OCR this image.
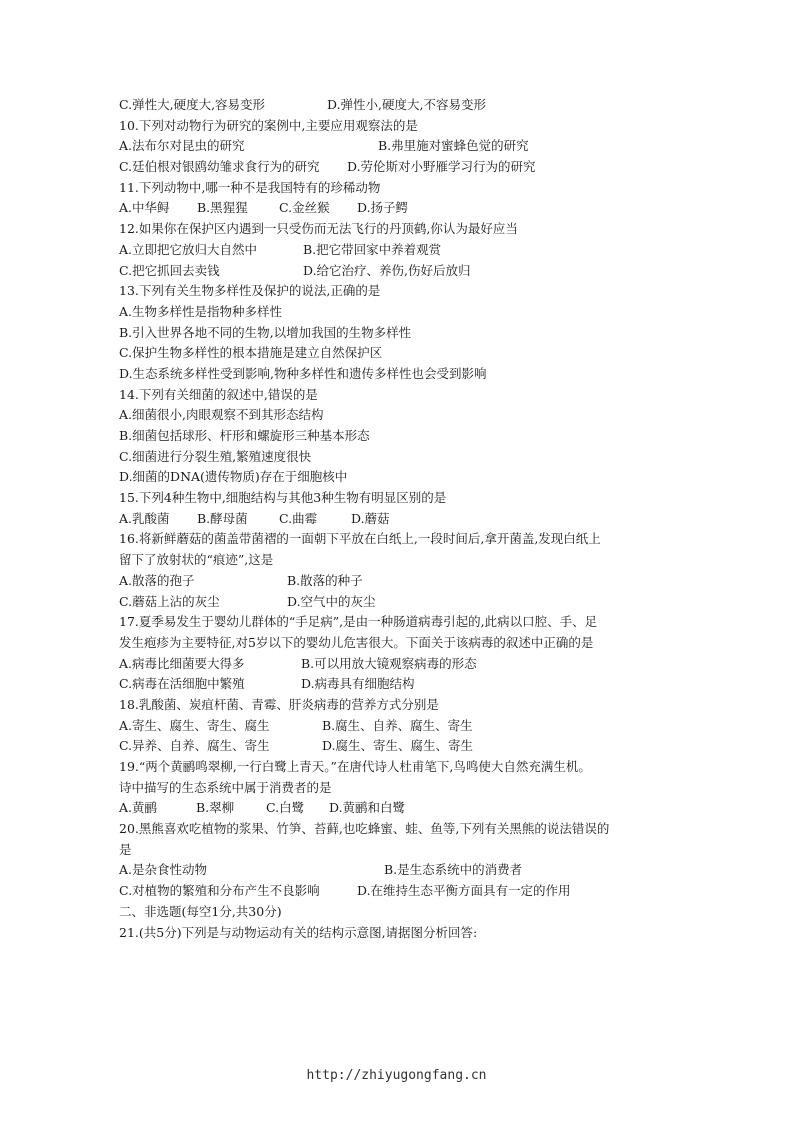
C.弹性大,硬度大,容易变形	D.弹性小,硬度大,不容易变形
10.下列对动物行为研究的案例中,主要应用观察法的是
A.法布尔对昆虫的研究	B.弗里施对蜜蜂色觉的研究
C.廷伯根对银鸥幼雏求食行为的研究	D.劳伦斯对小野雁学习行为的研究
11.下列动物中,哪一种不是我国特有的珍稀动物
A.中华鲟	B.黑猩猩	C.金丝猴	D.扬子鳄
12.如果你在保护区内遇到一只受伤而无法飞行的丹顶鹤,你认为最好应当
A.立即把它放归大自然中	B.把它带回家中养着观赏
C.把它抓回去卖钱	D.给它治疗、养伤,伤好后放归
13.下列有关生物多样性及保护的说法,正确的是
A.生物多样性是指物种多样性
B.引入世界各地不同的生物,以增加我国的生物多样性
C.保护生物多样性的根本措施是建立自然保护区
D.生态系统多样性受到影响,物种多样性和遗传多样性也会受到影响
14.下列有关细菌的叙述中,错误的是
A.细菌很小,肉眼观察不到其形态结构
B.细菌包括球形、杆形和螺旋形三种基本形态
C.细菌进行分裂生殖,繁殖速度很快
D.细菌的DNA(遗传物质)存在于细胞核中
15.下列4种生物中,细胞结构与其他3种生物有明显区别的是
A.乳酸菌	B.酵母菌	C.曲霉	D.蘑菇
16.将新鲜蘑菇的菌盖带菌褶的一面朝下平放在白纸上,一段时间后,拿开菌盖,发现白纸上
留下了放射状的“痕迹”,这是
A.散落的孢子	B.散落的种子
C.蘑菇上沾的灰尘	D.空气中的灰尘
17.夏季易发生于婴幼儿群体的“手足病”,是由一种肠道病毒引起的,此病以口腔、手、足
发生疱疹为主要特征,对5岁以下的婴幼儿危害很大。下面关于该病毒的叙述中正确的是
A.病毒比细菌要大得多	B.可以用放大镜观察病毒的形态
C.病毒在活细胞中繁殖	D.病毒具有细胞结构
18.乳酸菌、炭疽杆菌、青霉、肝炎病毒的营养方式分别是
A.寄生、腐生、寄生、腐生	B.腐生、自养、腐生、寄生
C.异养、自养、腐生、寄生	D.腐生、寄生、腐生、寄生
19.“两个黄鹂鸣翠柳,一行白鹭上青天。”在唐代诗人杜甫笔下,鸟鸣使大自然充满生机。
诗中描写的生态系统中属于消费者的是
A.黄鹂	B.翠柳	C.白鹭	D.黄鹂和白鹭
20.黑熊喜欢吃植物的浆果、竹笋、苔藓,也吃蜂蜜、蛙、鱼等,下列有关黑熊的说法错误的
是
A.是杂食性动物	B.是生态系统中的消费者
C.对植物的繁殖和分布产生不良影响	D.在维持生态平衡方面具有一定的作用
二、非选题(每空1分,共30分)
21.(共5分)下列是与动物运动有关的结构示意图,请据图分析回答:
http://zhiyugongfang.cn
